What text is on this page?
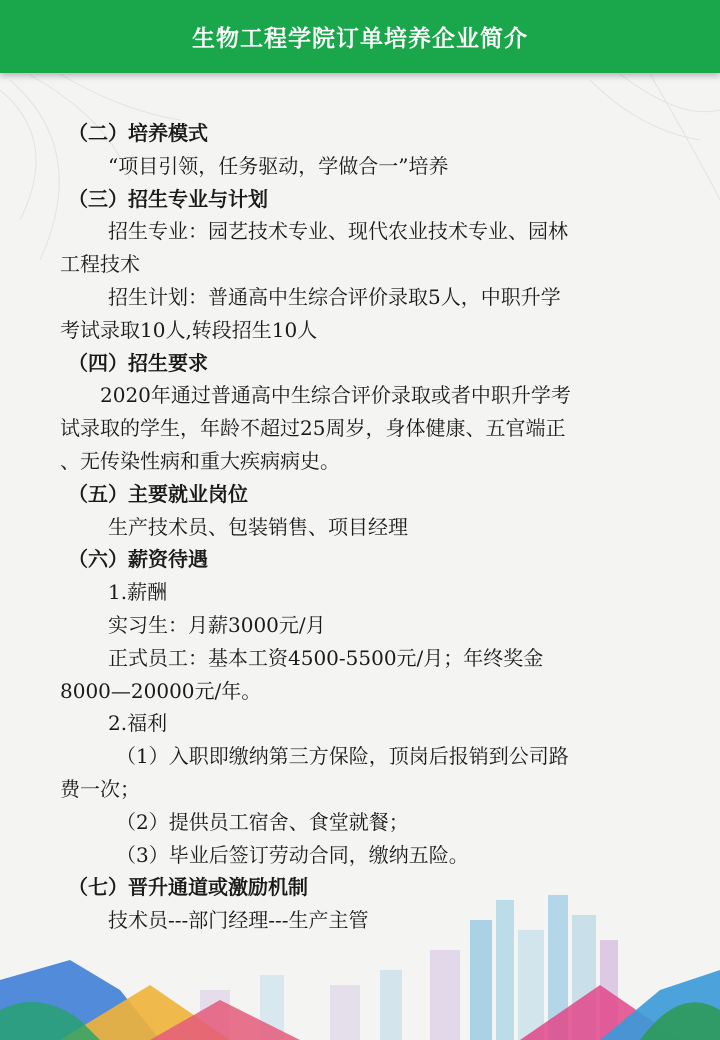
生物工程学院订单培养企业简介

（二）培养模式

“项目引领，任务驱动，学做合一”培养

（三）招生专业与计划

招生专业：园艺技术专业、现代农业技术专业、园林

工程技术

招生计划：普通高中生综合评价录取5人，中职升学

考试录取10人,转段招生10人

（四）招生要求

2020年通过普通高中生综合评价录取或者中职升学考

试录取的学生，年龄不超过25周岁，身体健康、五官端正

、无传染性病和重大疾病病史。

（五）主要就业岗位

生产技术员、包装销售、项目经理

（六）薪资待遇

1.薪酬

实习生：月薪3000元/月

正式员工：基本工资4500-5500元/月；年终奖金

8000—20000元/年。

2.福利

（1）入职即缴纳第三方保险，顶岗后报销到公司路

费一次；

（2）提供员工宿舍、食堂就餐；

（3）毕业后签订劳动合同，缴纳五险。

（七）晋升通道或激励机制

技术员---部门经理---生产主管
